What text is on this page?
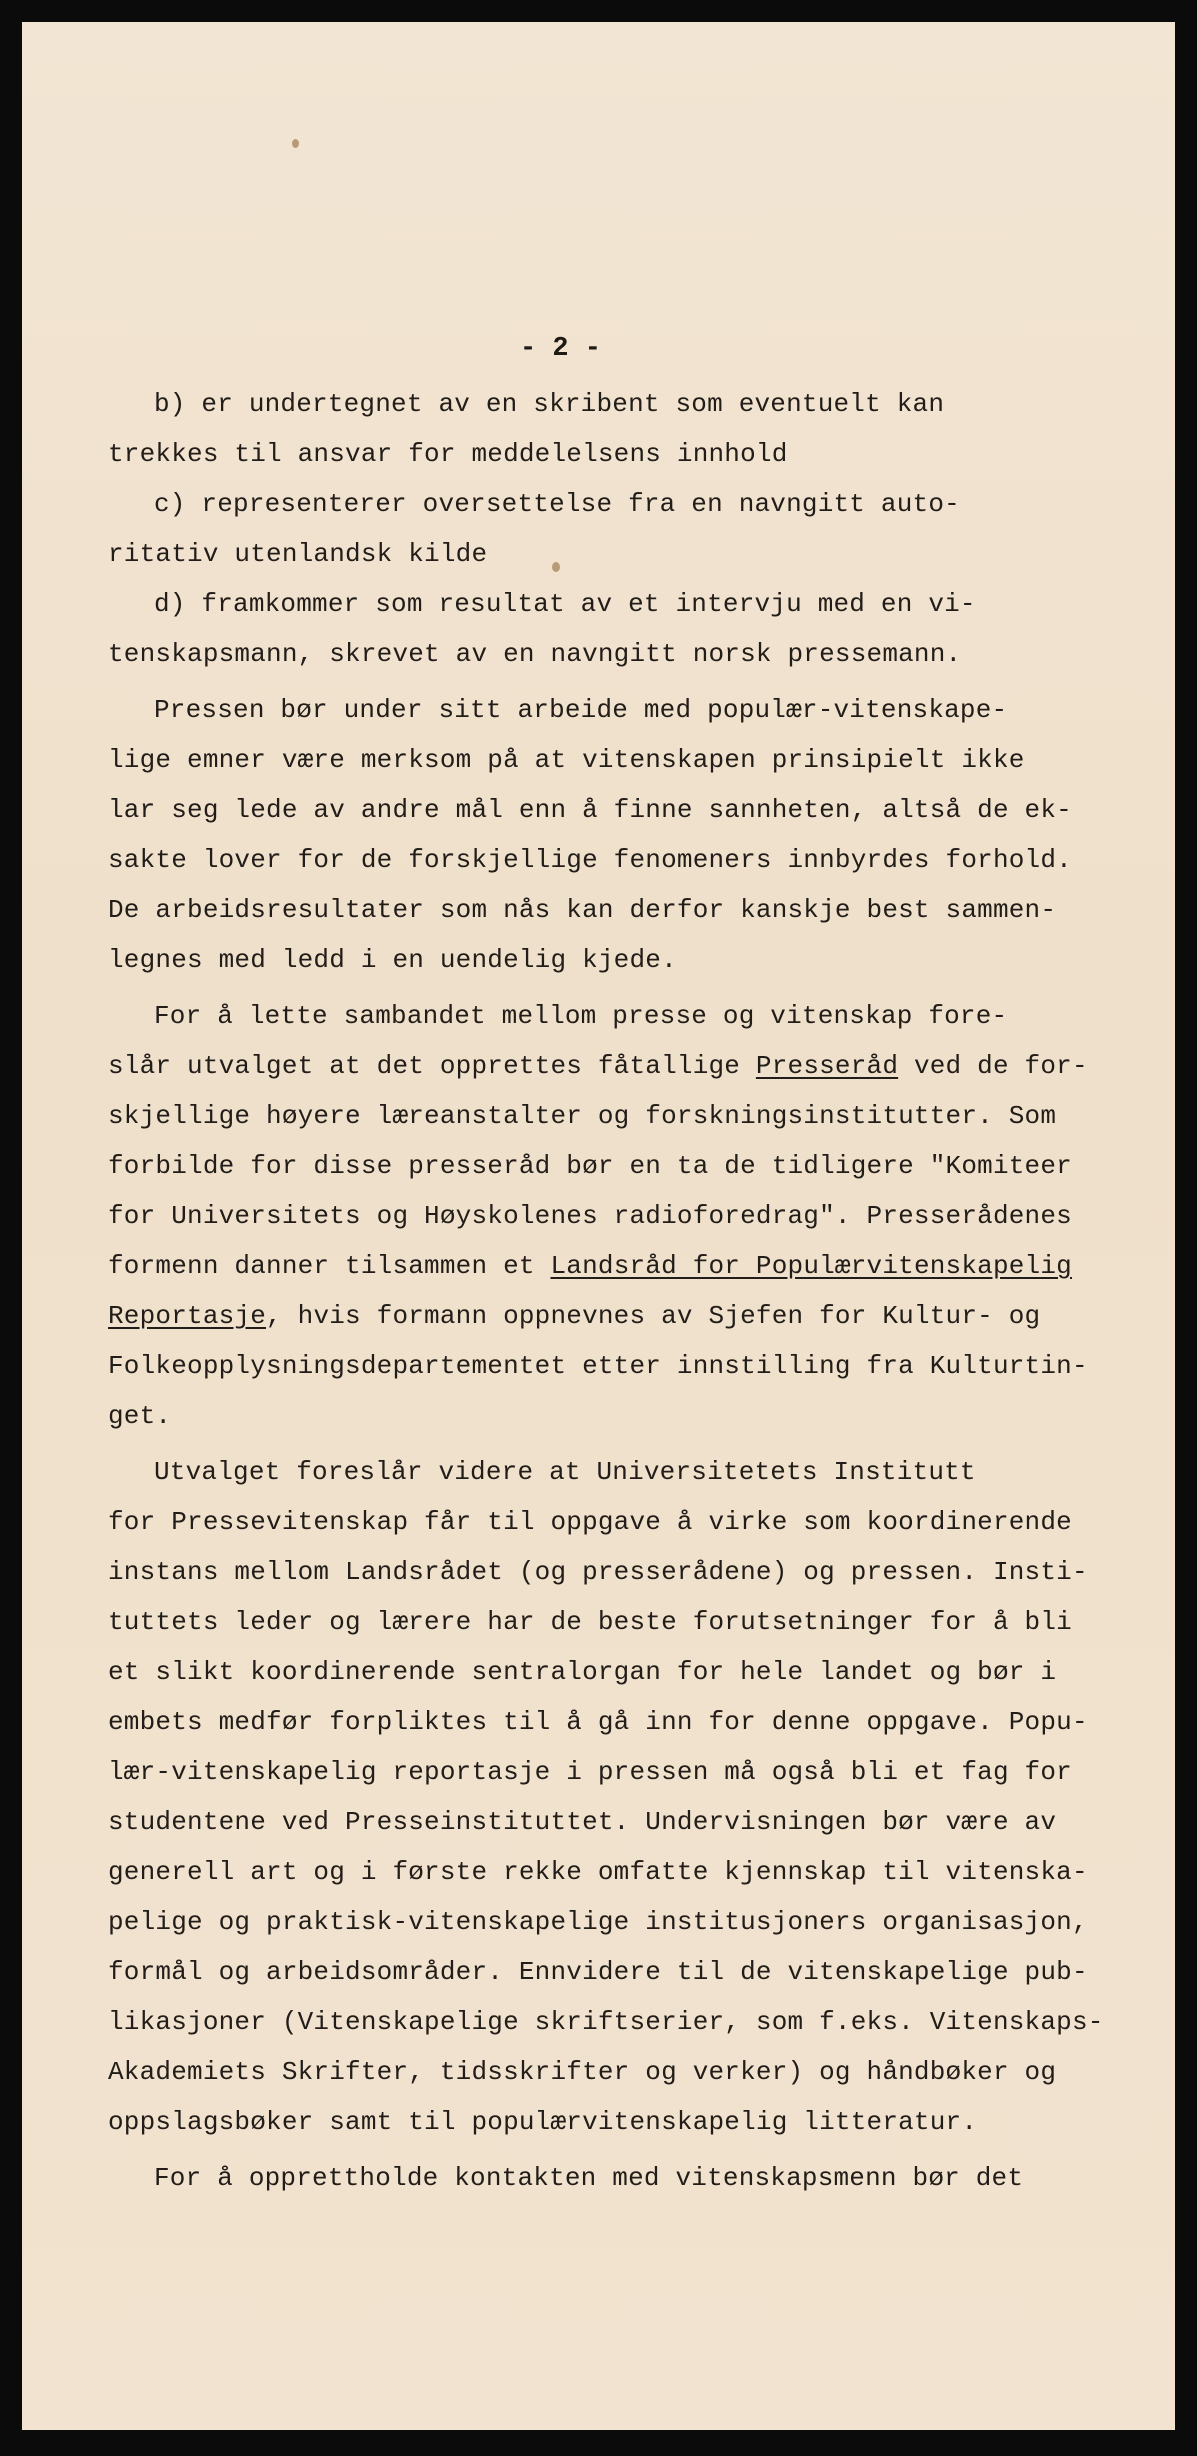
- 2 -
b) er undertegnet av en skribent som eventuelt kan
trekkes til ansvar for meddelelsens innhold
c) representerer oversettelse fra en navngitt auto-
ritativ utenlandsk kilde
d) framkommer som resultat av et intervju med en vi-
tenskapsmann, skrevet av en navngitt norsk pressemann.
Pressen bør under sitt arbeide med populær-vitenskape-
lige emner være merksom på at vitenskapen prinsipielt ikke
lar seg lede av andre mål enn å finne sannheten, altså de ek-
sakte lover for de forskjellige fenomeners innbyrdes forhold.
De arbeidsresultater som nås kan derfor kanskje best sammen-
legnes med ledd i en uendelig kjede.
For å lette sambandet mellom presse og vitenskap fore-
slår utvalget at det opprettes fåtallige Presseråd ved de for-
skjellige høyere læreanstalter og forskningsinstitutter. Som
forbilde for disse presseråd bør en ta de tidligere "Komiteer
for Universitets og Høyskolenes radioforedrag". Presserådenes
formenn danner tilsammen et Landsråd for Populærvitenskapelig
Reportasje, hvis formann oppnevnes av Sjefen for Kultur- og
Folkeopplysningsdepartementet etter innstilling fra Kulturtin-
get.
Utvalget foreslår videre at Universitetets Institutt
for Pressevitenskap får til oppgave å virke som koordinerende
instans mellom Landsrådet (og presserådene) og pressen. Insti-
tuttets leder og lærere har de beste forutsetninger for å bli
et slikt koordinerende sentralorgan for hele landet og bør i
embets medfør forpliktes til å gå inn for denne oppgave. Popu-
lær-vitenskapelig reportasje i pressen må også bli et fag for
studentene ved Presseinstituttet. Undervisningen bør være av
generell art og i første rekke omfatte kjennskap til vitenska-
pelige og praktisk-vitenskapelige institusjoners organisasjon,
formål og arbeidsområder. Ennvidere til de vitenskapelige pub-
likasjoner (Vitenskapelige skriftserier, som f.eks. Vitenskaps-
Akademiets Skrifter, tidsskrifter og verker) og håndbøker og
oppslagsbøker samt til populærvitenskapelig litteratur.
For å opprettholde kontakten med vitenskapsmenn bør det
